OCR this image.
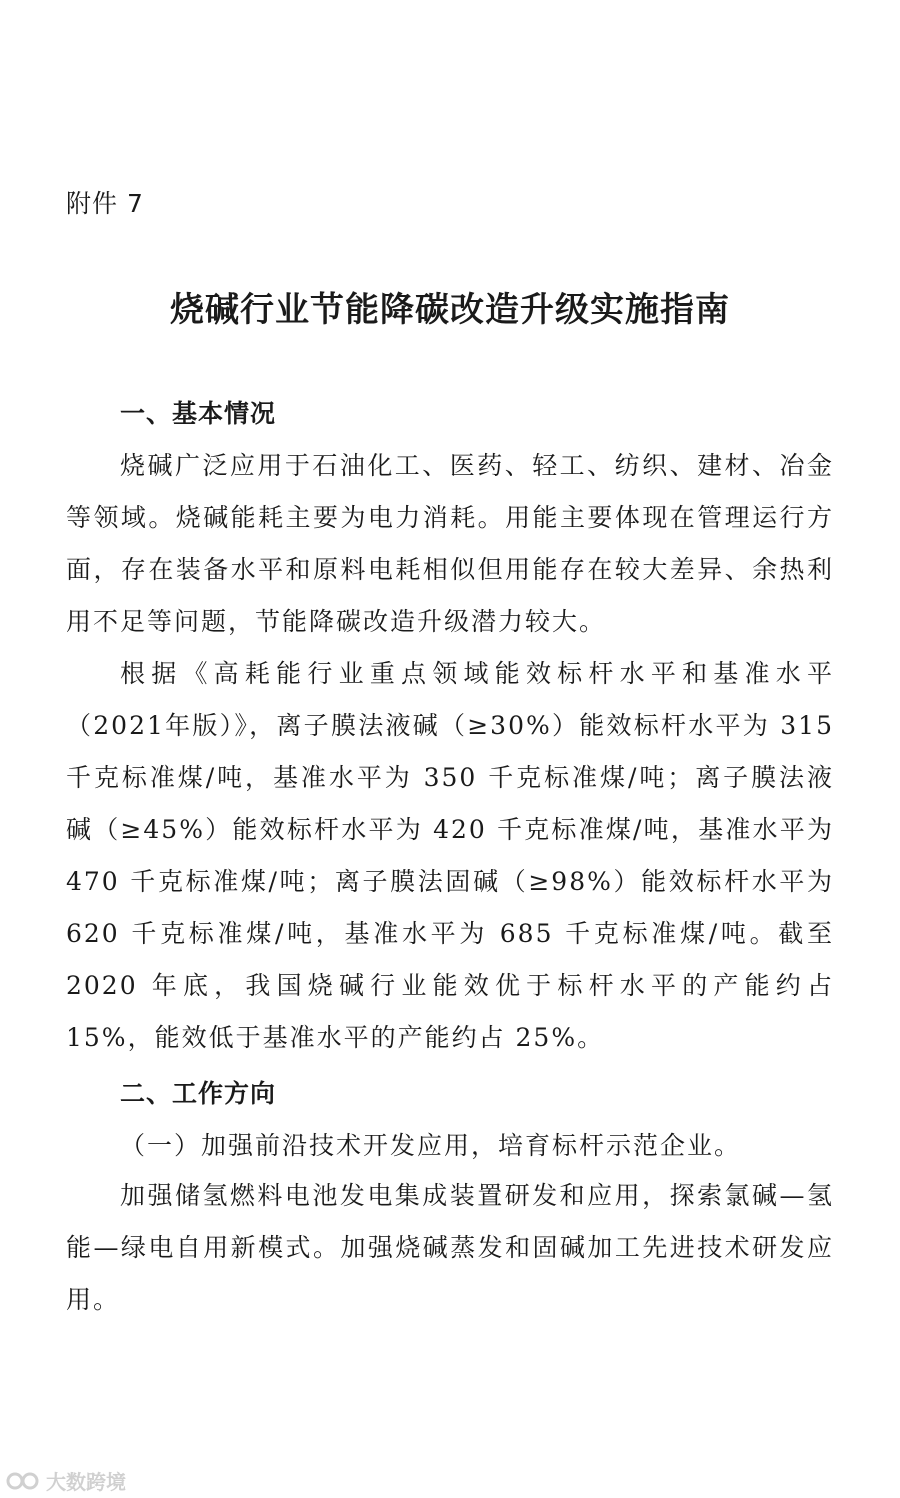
附件 7
烧碱行业节能降碳改造升级实施指南
一、基本情况
烧碱广泛应用于石油化工、医药、轻工、纺织、建材、冶金等领域。烧碱能耗主要为电力消耗。用能主要体现在管理运行方面，存在装备水平和原料电耗相似但用能存在较大差异、余热利用不足等问题，节能降碳改造升级潜力较大。
根据《高耗能行业重点领域能效标杆水平和基准水平（2021年版）》，离子膜法液碱（≥30%）能效标杆水平为 315 千克标准煤/吨，基准水平为 350 千克标准煤/吨；离子膜法液碱（≥45%）能效标杆水平为 420 千克标准煤/吨，基准水平为 470 千克标准煤/吨；离子膜法固碱（≥98%）能效标杆水平为 620 千克标准煤/吨，基准水平为 685 千克标准煤/吨。截至 2020 年底，我国烧碱行业能效优于标杆水平的产能约占 15%，能效低于基准水平的产能约占 25%。
二、工作方向
（一）加强前沿技术开发应用，培育标杆示范企业。
加强储氢燃料电池发电集成装置研发和应用，探索氯碱—氢能—绿电自用新模式。加强烧碱蒸发和固碱加工先进技术研发应用。
大数跨境
